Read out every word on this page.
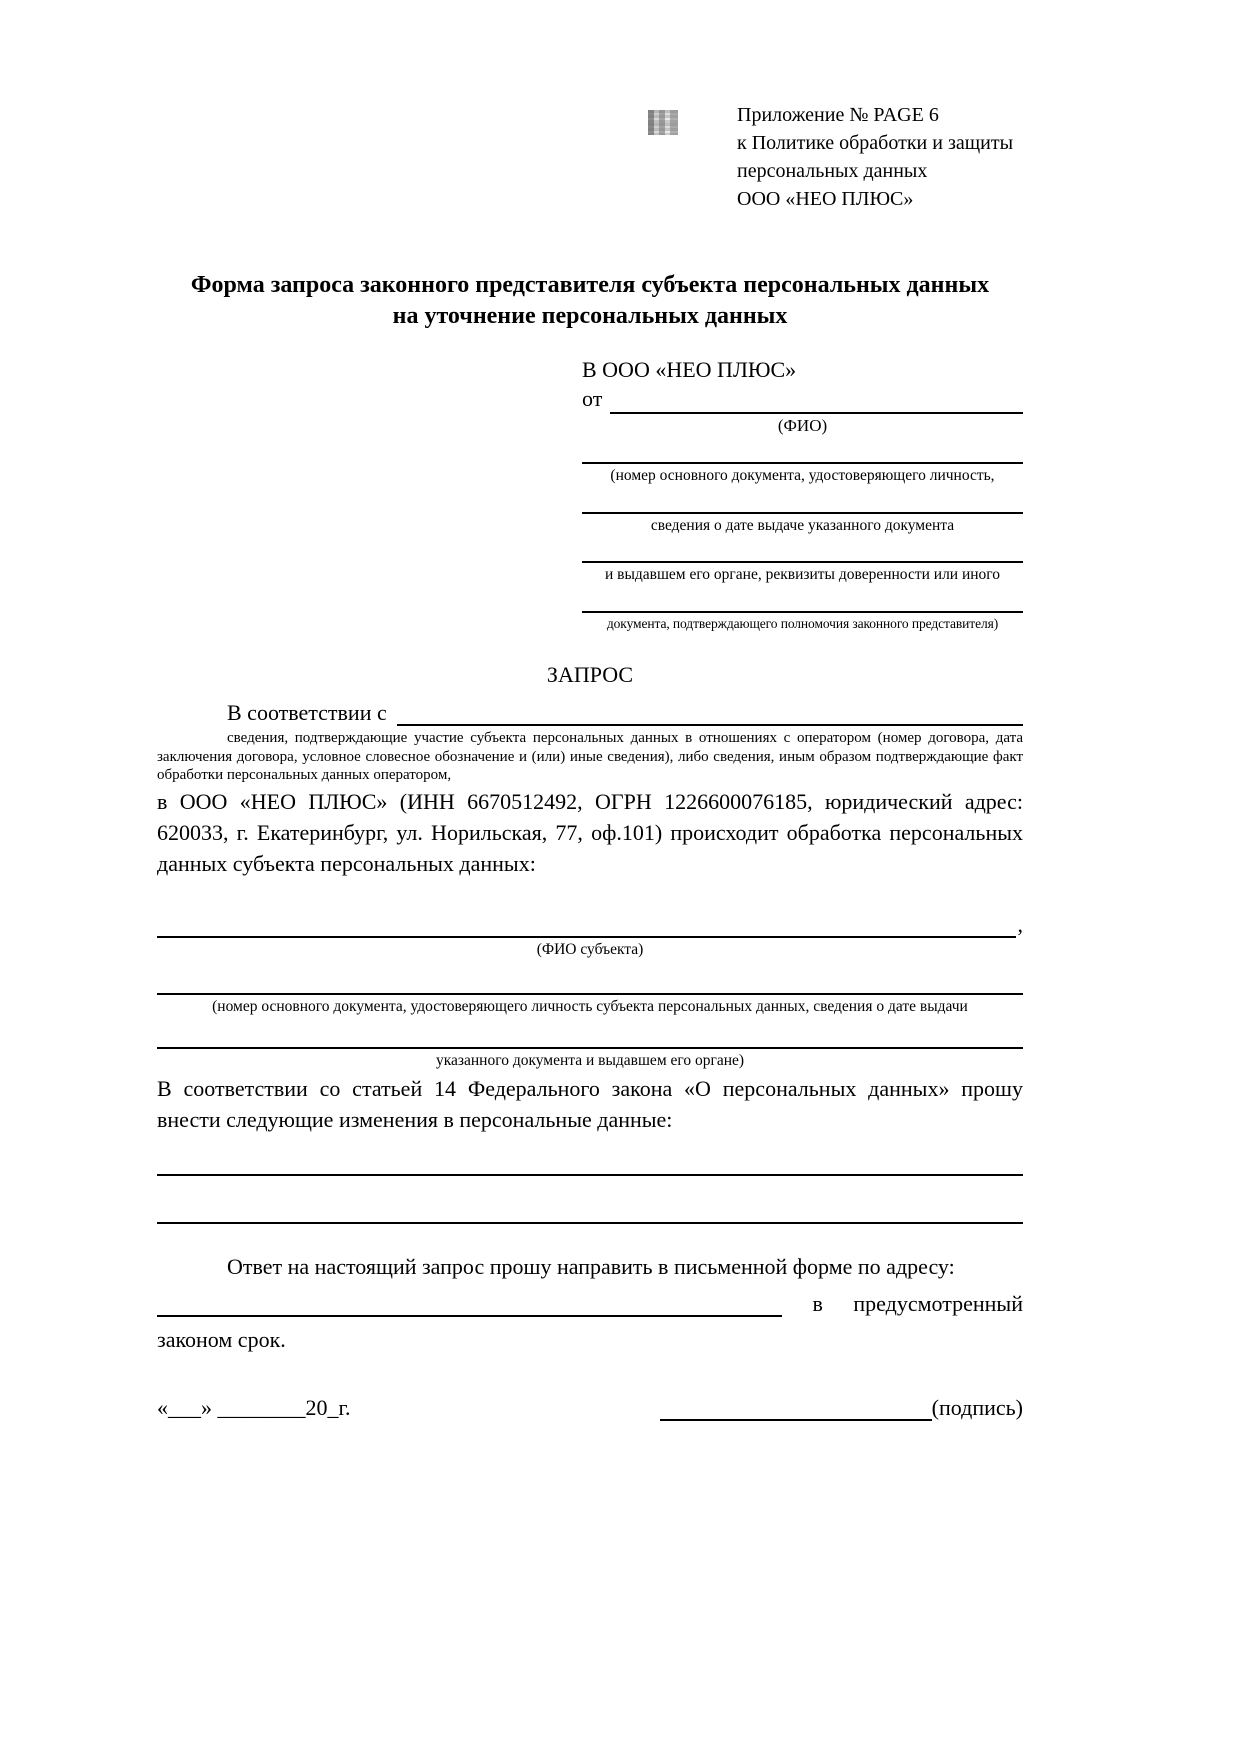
Приложение № PAGE 6
к Политике обработки и защиты
персональных данных
ООО «НЕО ПЛЮС»
Форма запроса законного представителя субъекта персональных данных
на уточнение персональных данных
В ООО «НЕО ПЛЮС»
от
(ФИО)
(номер основного документа, удостоверяющего личность,
сведения о дате выдаче указанного документа
и выдавшем его органе, реквизиты доверенности или иного
документа, подтверждающего полномочия законного представителя)
ЗАПРОС
В соответствии с
сведения, подтверждающие участие субъекта персональных данных в отношениях с оператором (номер договора, дата заключения договора, условное словесное обозначение и (или) иные сведения), либо сведения, иным образом подтверждающие факт обработки персональных данных оператором,
в ООО «НЕО ПЛЮС» (ИНН 6670512492, ОГРН 1226600076185, юридический адрес: 620033, г. Екатеринбург, ул. Норильская, 77, оф.101) происходит обработка персональных данных субъекта персональных данных:
,
(ФИО субъекта)
(номер основного документа, удостоверяющего личность субъекта персональных данных, сведения о дате выдачи
указанного документа и выдавшем его органе)
В соответствии со статьей 14 Федерального закона «О персональных данных» прошу внести следующие изменения в персональные данные:
Ответ на настоящий запрос прошу направить в письменной форме по адресу:
в предусмотренный
законом срок.
«___» ________20_г.	(подпись)
